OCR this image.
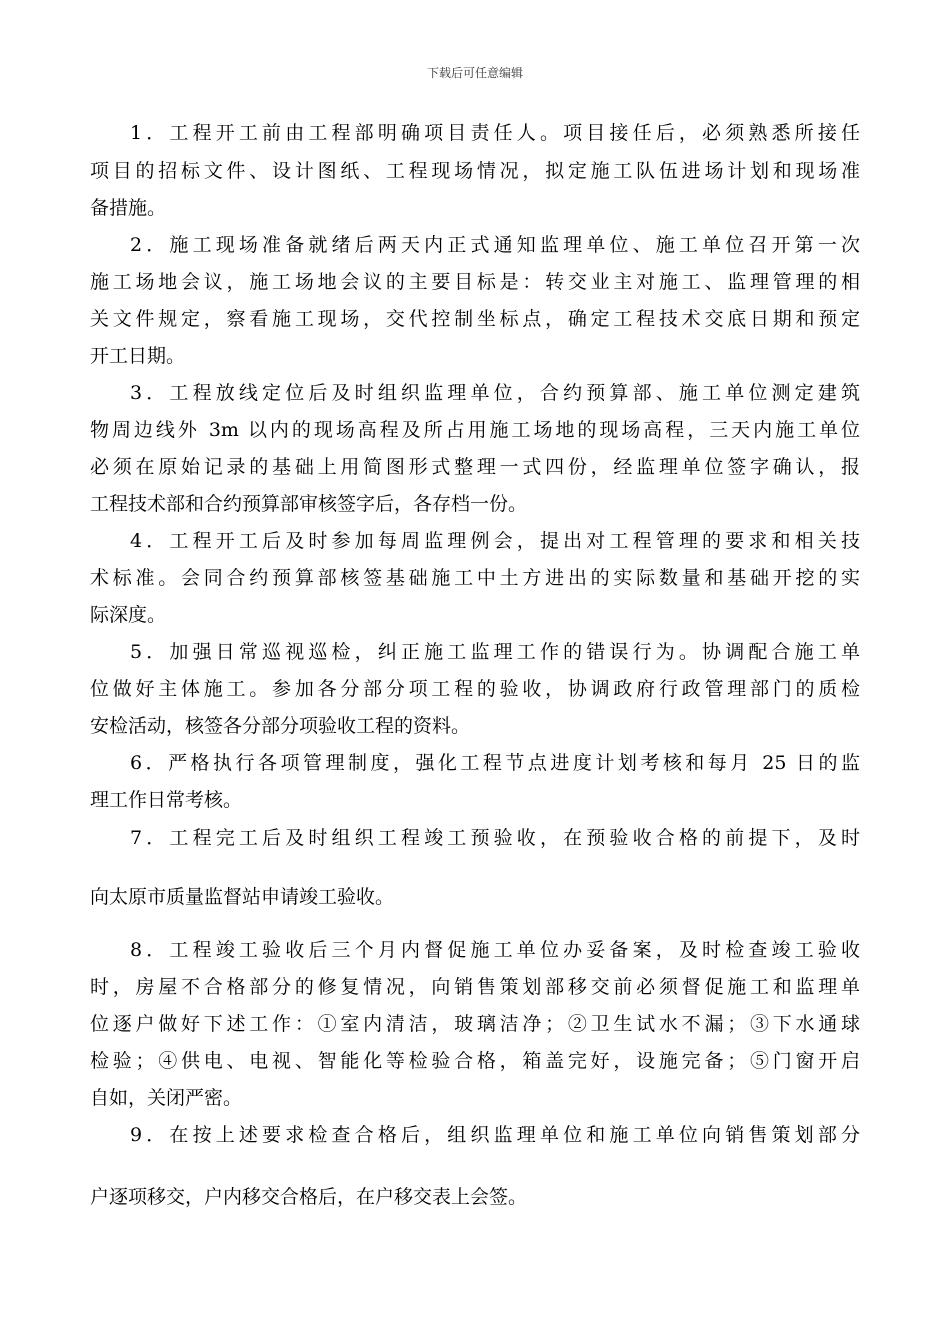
下载后可任意编辑
1．工程开工前由工程部明确项目责任人。项目接任后，必须熟悉所接任
项目的招标文件、设计图纸、工程现场情况，拟定施工队伍进场计划和现场准
备措施。
2．施工现场准备就绪后两天内正式通知监理单位、施工单位召开第一次
施工场地会议，施工场地会议的主要目标是：转交业主对施工、监理管理的相
关文件规定，察看施工现场，交代控制坐标点，确定工程技术交底日期和预定
开工日期。
3．工程放线定位后及时组织监理单位，合约预算部、施工单位测定建筑
物周边线外 3m 以内的现场高程及所占用施工场地的现场高程，三天内施工单位
必须在原始记录的基础上用简图形式整理一式四份，经监理单位签字确认，报
工程技术部和合约预算部审核签字后，各存档一份。
4．工程开工后及时参加每周监理例会，提出对工程管理的要求和相关技
术标准。会同合约预算部核签基础施工中土方进出的实际数量和基础开挖的实
际深度。
5．加强日常巡视巡检，纠正施工监理工作的错误行为。协调配合施工单
位做好主体施工。参加各分部分项工程的验收，协调政府行政管理部门的质检
安检活动，核签各分部分项验收工程的资料。
6．严格执行各项管理制度，强化工程节点进度计划考核和每月 25 日的监
理工作日常考核。
7．工程完工后及时组织工程竣工预验收，在预验收合格的前提下，及时
向太原市质量监督站申请竣工验收。
8．工程竣工验收后三个月内督促施工单位办妥备案，及时检查竣工验收
时，房屋不合格部分的修复情况，向销售策划部移交前必须督促施工和监理单
位逐户做好下述工作：①室内清洁，玻璃洁净；②卫生试水不漏；③下水通球
检验；④供电、电视、智能化等检验合格，箱盖完好，设施完备；⑤门窗开启
自如，关闭严密。
9．在按上述要求检查合格后，组织监理单位和施工单位向销售策划部分
户逐项移交，户内移交合格后，在户移交表上会签。
